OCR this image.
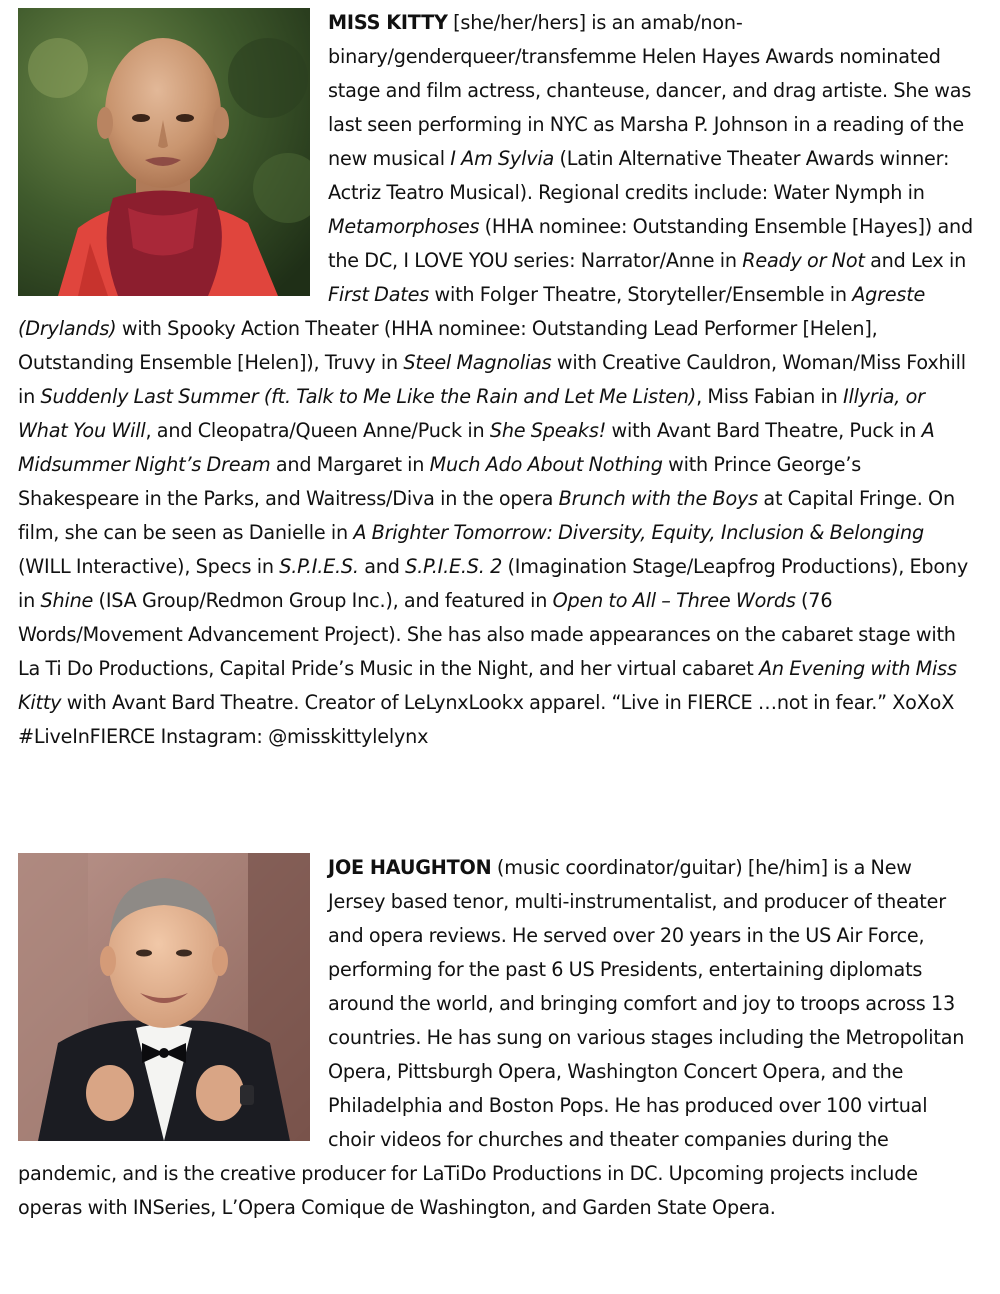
MISS KITTY [she/her/hers] is an amab/non-binary/genderqueer/transfemme Helen Hayes Awards nominated stage and film actress, chanteuse, dancer, and drag artiste. She was last seen performing in NYC as Marsha P. Johnson in a reading of the new musical I Am Sylvia (Latin Alternative Theater Awards winner: Actriz Teatro Musical). Regional credits include: Water Nymph in Metamorphoses (HHA nominee: Outstanding Ensemble [Hayes]) and the DC, I LOVE YOU series: Narrator/Anne in Ready or Not and Lex in First Dates with Folger Theatre, Storyteller/Ensemble in Agreste (Drylands) with Spooky Action Theater (HHA nominee: Outstanding Lead Performer [Helen], Outstanding Ensemble [Helen]), Truvy in Steel Magnolias with Creative Cauldron, Woman/Miss Foxhill in Suddenly Last Summer (ft. Talk to Me Like the Rain and Let Me Listen), Miss Fabian in Illyria, or What You Will, and Cleopatra/Queen Anne/Puck in She Speaks! with Avant Bard Theatre, Puck in A Midsummer Night’s Dream and Margaret in Much Ado About Nothing with Prince George’s Shakespeare in the Parks, and Waitress/Diva in the opera Brunch with the Boys at Capital Fringe. On film, she can be seen as Danielle in A Brighter Tomorrow: Diversity, Equity, Inclusion & Belonging (WILL Interactive), Specs in S.P.I.E.S. and S.P.I.E.S. 2 (Imagination Stage/Leapfrog Productions), Ebony in Shine (ISA Group/Redmon Group Inc.), and featured in Open to All – Three Words (76 Words/Movement Advancement Project). She has also made appearances on the cabaret stage with La Ti Do Productions, Capital Pride’s Music in the Night, and her virtual cabaret An Evening with Miss Kitty with Avant Bard Theatre. Creator of LeLynxLookx apparel. “Live in FIERCE …not in fear.” XoXoX #LiveInFIERCE Instagram: @misskittylelynx

JOE HAUGHTON (music coordinator/guitar) [he/him] is a New Jersey based tenor, multi-instrumentalist, and producer of theater and opera reviews. He served over 20 years in the US Air Force, performing for the past 6 US Presidents, entertaining diplomats around the world, and bringing comfort and joy to troops across 13 countries. He has sung on various stages including the Metropolitan Opera, Pittsburgh Opera, Washington Concert Opera, and the Philadelphia and Boston Pops. He has produced over 100 virtual choir videos for churches and theater companies during the pandemic, and is the creative producer for LaTiDo Productions in DC. Upcoming projects include operas with INSeries, L’Opera Comique de Washington, and Garden State Opera.
